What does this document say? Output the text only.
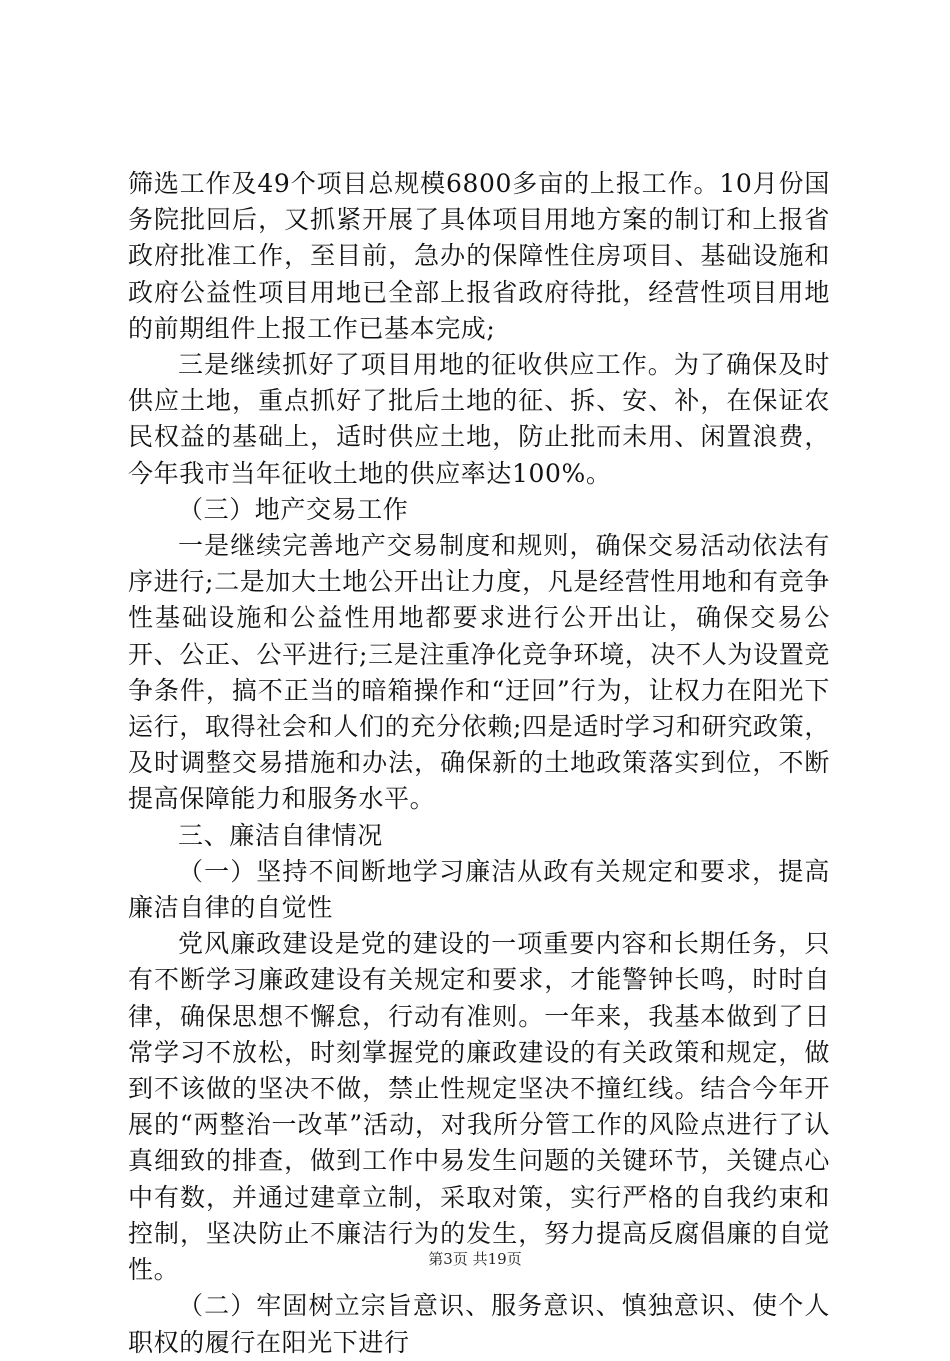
筛选工作及49个项目总规模6800多亩的上报工作。10月份国务院批回后，又抓紧开展了具体项目用地方案的制订和上报省政府批准工作，至目前，急办的保障性住房项目、基础设施和政府公益性项目用地已全部上报省政府待批，经营性项目用地的前期组件上报工作已基本完成;

三是继续抓好了项目用地的征收供应工作。为了确保及时供应土地，重点抓好了批后土地的征、拆、安、补，在保证农民权益的基础上，适时供应土地，防止批而未用、闲置浪费，今年我市当年征收土地的供应率达100%。

（三）地产交易工作

一是继续完善地产交易制度和规则，确保交易活动依法有序进行;二是加大土地公开出让力度，凡是经营性用地和有竞争性基础设施和公益性用地都要求进行公开出让，确保交易公开、公正、公平进行;三是注重净化竞争环境，决不人为设置竞争条件，搞不正当的暗箱操作和“迂回”行为，让权力在阳光下运行，取得社会和人们的充分依赖;四是适时学习和研究政策，及时调整交易措施和办法，确保新的土地政策落实到位，不断提高保障能力和服务水平。

三、廉洁自律情况

（一）坚持不间断地学习廉洁从政有关规定和要求，提高廉洁自律的自觉性

党风廉政建设是党的建设的一项重要内容和长期任务，只有不断学习廉政建设有关规定和要求，才能警钟长鸣，时时自律，确保思想不懈怠，行动有准则。一年来，我基本做到了日常学习不放松，时刻掌握党的廉政建设的有关政策和规定，做到不该做的坚决不做，禁止性规定坚决不撞红线。结合今年开展的“两整治一改革”活动，对我所分管工作的风险点进行了认真细致的排查，做到工作中易发生问题的关键环节，关键点心中有数，并通过建章立制，采取对策，实行严格的自我约束和控制，坚决防止不廉洁行为的发生，努力提高反腐倡廉的自觉性。

（二）牢固树立宗旨意识、服务意识、慎独意识、使个人职权的履行在阳光下进行

第3页 共19页
